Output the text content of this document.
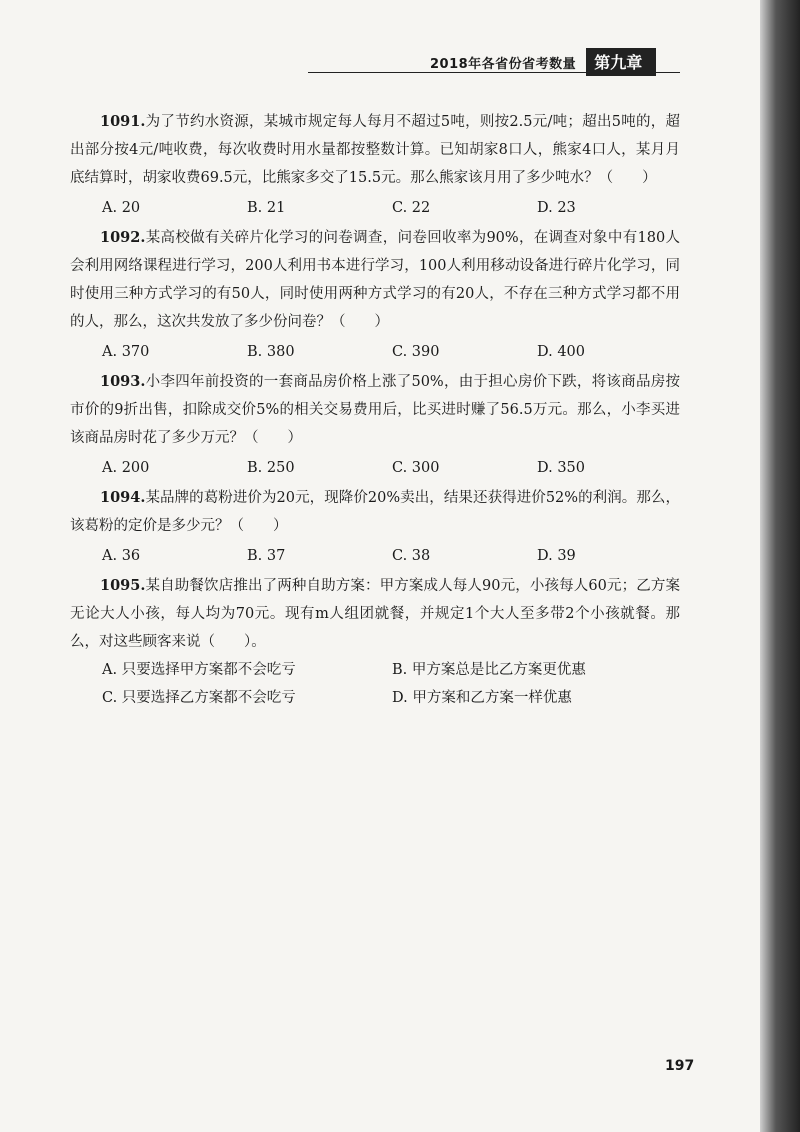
2018年各省份省考数量	第九章

1091.为了节约水资源，某城市规定每人每月不超过5吨，则按2.5元/吨；超出5吨的，超出部分按4元/吨收费，每次收费时用水量都按整数计算。已知胡家8口人，熊家4口人，某月月底结算时，胡家收费69.5元，比熊家多交了15.5元。那么熊家该月用了多少吨水？（　　）

A. 20	B. 21	C. 22	D. 23

1092.某高校做有关碎片化学习的问卷调查，问卷回收率为90%，在调查对象中有180人会利用网络课程进行学习，200人利用书本进行学习，100人利用移动设备进行碎片化学习，同时使用三种方式学习的有50人，同时使用两种方式学习的有20人，不存在三种方式学习都不用的人，那么，这次共发放了多少份问卷？（　　）

A. 370	B. 380	C. 390	D. 400

1093.小李四年前投资的一套商品房价格上涨了50%，由于担心房价下跌，将该商品房按市价的9折出售，扣除成交价5%的相关交易费用后，比买进时赚了56.5万元。那么，小李买进该商品房时花了多少万元？（　　）

A. 200	B. 250	C. 300	D. 350

1094.某品牌的葛粉进价为20元，现降价20%卖出，结果还获得进价52%的利润。那么，该葛粉的定价是多少元？（　　）

A. 36	B. 37	C. 38	D. 39

1095.某自助餐饮店推出了两种自助方案：甲方案成人每人90元，小孩每人60元；乙方案无论大人小孩，每人均为70元。现有m人组团就餐，并规定1个大人至多带2个小孩就餐。那么，对这些顾客来说（　　）。

A. 只要选择甲方案都不会吃亏	B. 甲方案总是比乙方案更优惠
C. 只要选择乙方案都不会吃亏	D. 甲方案和乙方案一样优惠
197
